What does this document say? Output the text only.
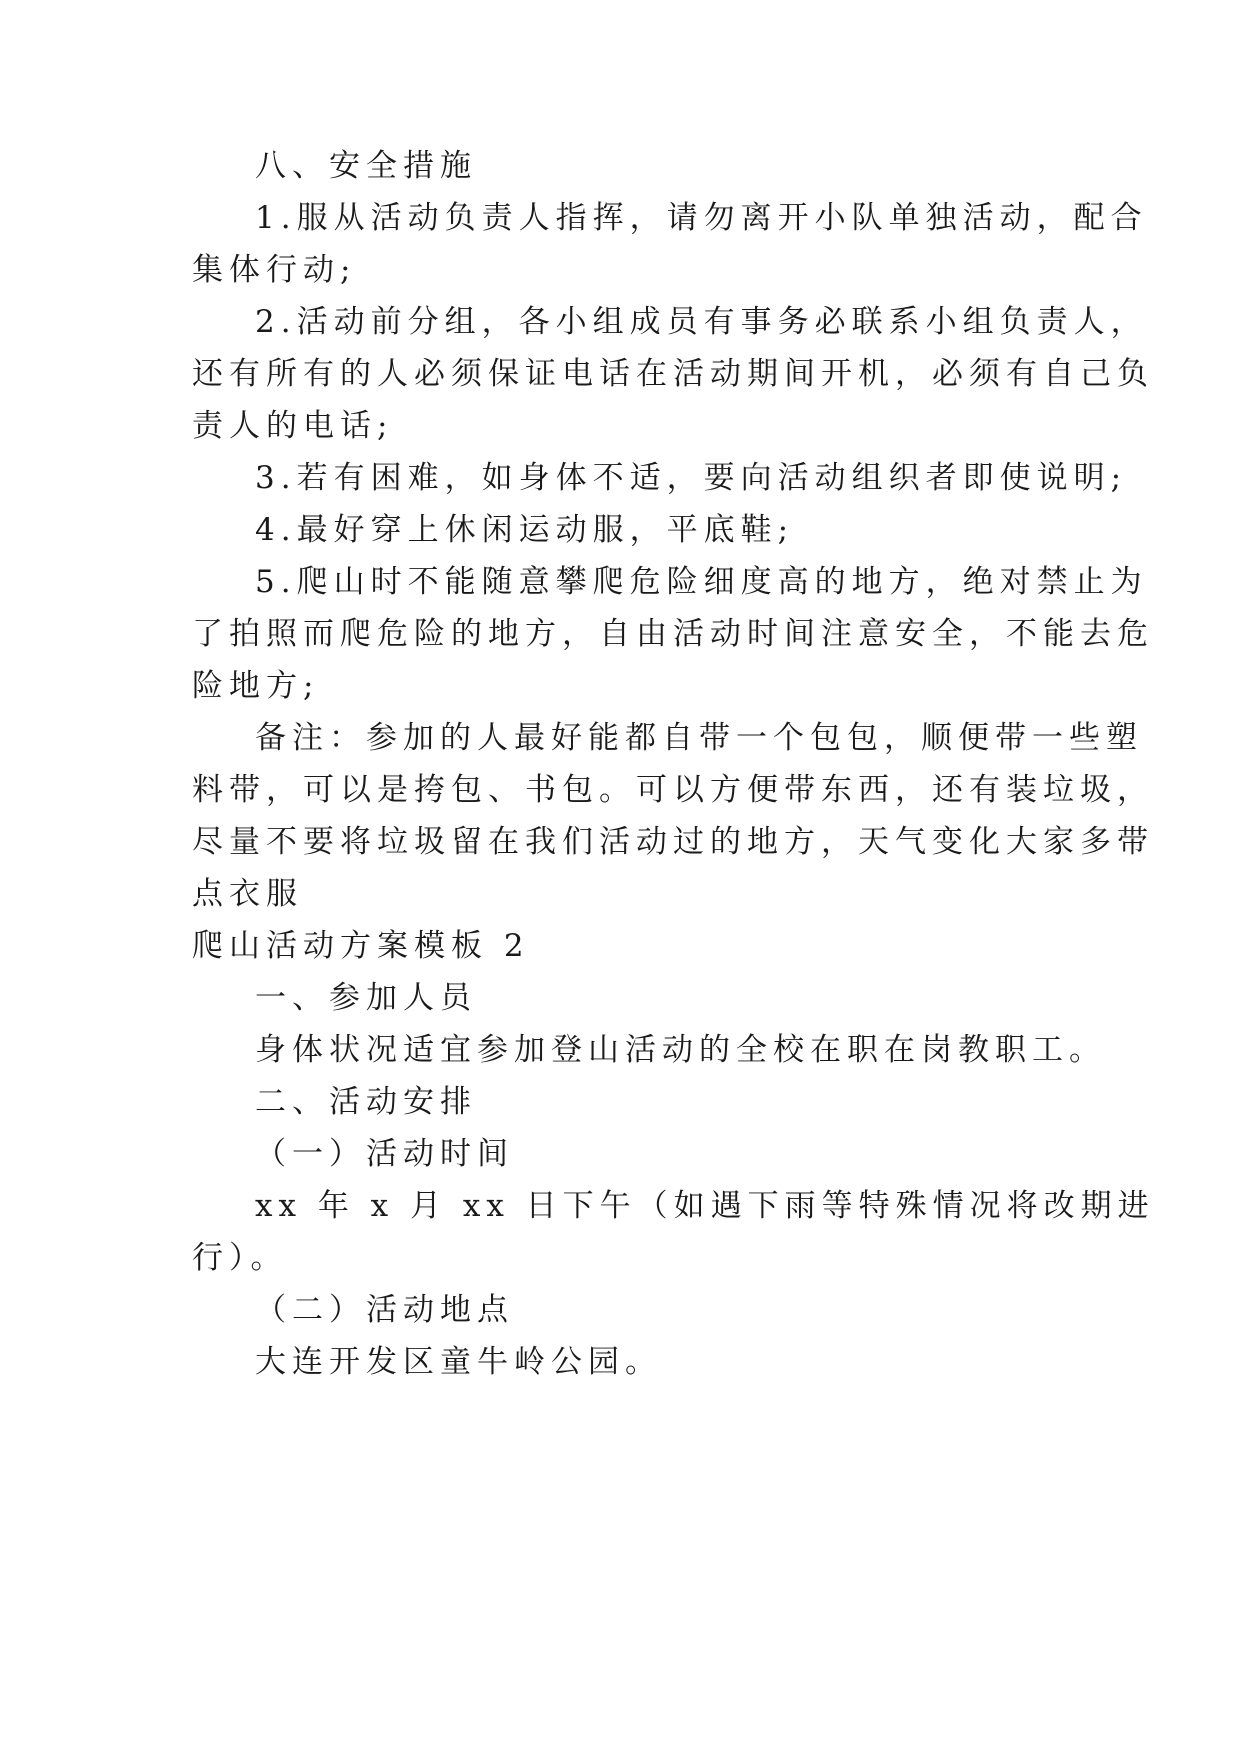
八、安全措施
1.服从活动负责人指挥，请勿离开小队单独活动，配合
集体行动;
2.活动前分组，各小组成员有事务必联系小组负责人，
还有所有的人必须保证电话在活动期间开机，必须有自己负
责人的电话;
3.若有困难，如身体不适，要向活动组织者即使说明;
4.最好穿上休闲运动服，平底鞋;
5.爬山时不能随意攀爬危险细度高的地方，绝对禁止为
了拍照而爬危险的地方，自由活动时间注意安全，不能去危
险地方;
备注：参加的人最好能都自带一个包包，顺便带一些塑
料带，可以是挎包、书包。可以方便带东西，还有装垃圾，
尽量不要将垃圾留在我们活动过的地方，天气变化大家多带
点衣服
爬山活动方案模板 2
一、参加人员
身体状况适宜参加登山活动的全校在职在岗教职工。
二、活动安排
（一）活动时间
xx 年 x 月 xx 日下午（如遇下雨等特殊情况将改期进
行）。
（二）活动地点
大连开发区童牛岭公园。
